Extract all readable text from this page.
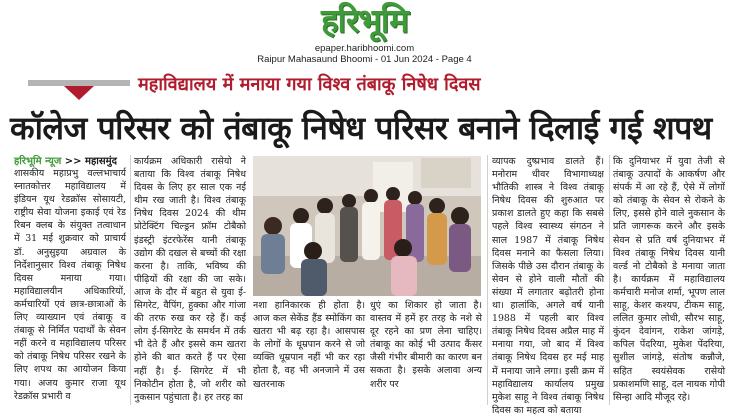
हरिभूमि
epaper.haribhoomi.com
Raipur Mahasaund Bhoomi - 01 Jun 2024 - Page 4
महाविद्यालय में मनाया गया विश्व तंबाकू निषेध दिवस
कॉलेज परिसर को तंबाकू निषेध परिसर बनाने दिलाई गई शपथ
हरिभूमि न्यूज >> महासमुंद
शासकीय महाप्रभु वल्लभाचार्य स्नातकोत्तर महाविद्यालय में इंडियन यूथ रेडक्रॉस सोसायटी, राष्ट्रीय सेवा योजना इकाई एवं रेड रिबन क्लब के संयुक्त तत्वाधान में 31 मई शुक्रवार को प्राचार्य डॉ. अनुसुइया अग्रवाल के निर्देशानुसार विश्व तंबाकू निषेध दिवस मनाया गया। महाविद्यालयीन अधिकारियों, कर्मचारियों एवं छात्र-छात्राओं के लिए व्याख्यान एवं तंबाकू व तंबाकू से निर्मित पदार्थों के सेवन नहीं करने व महाविद्यालय परिसर को तंबाकू निषेध परिसर रखने के लिए शपथ का आयोजन किया गया। अजय कुमार राजा यूथ रेडक्रॉस प्रभारी व
कार्यक्रम अधिकारी रासेयो ने बताया कि विश्व तंबाकू निषेध दिवस के लिए हर साल एक नई थीम रख जाती है। विश्व तंबाकू निषेध दिवस 2024 की थीम प्रोटेक्टिंग चिल्ड्रन फ्रॉम टोबैको इंडस्ट्री इंटरफेरेंस यानी तंबाकू उद्योग की दखल से बच्चों की रक्षा करना है। ताकि, भविष्य की पीढ़ियों की रक्षा की जा सके। आज के दौर में बहुत से युवा ई-सिगरेट, वैपिंग, हुक्का और गांजा की तरफ रुख कर रहे हैं। कई लोग ई-सिगरेट के समर्थन में तर्क भी देते हैं और इससे कम खतरा होने की बात करते हैं पर ऐसा नहीं है। ई- सिगरेट में भी निकोटीन होता है, जो शरीर को नुकसान पहुंचाता है। हर तरह का
नशा हानिकारक ही होता है। आज कल सेकेंड हैंड स्मोकिंग का खतरा भी बढ़ रहा है। आसपास के लोगों के धूम्रपान करने से जो व्यक्ति धूम्रपान नहीं भी कर रहा होता है, वह भी अनजाने में उस खतरनाक
धुएं का शिकार हो जाता है। वास्तव में हमें हर तरह के नशे से दूर रहने का प्रण लेना चाहिए। तंबाकू का कोई भी उत्पाद कैंसर जैसी गंभीर बीमारी का कारण बन सकता है। इसके अलावा अन्य शरीर पर
व्यापक दुष्प्रभाव डालते हैं। मनोराम धीवर विभागाध्यक्ष भौतिकी शास्त्र ने विश्व तंबाकू निषेध दिवस की शुरुआत पर प्रकाश डालते हुए कहा कि सबसे पहले विश्व स्वास्थ्य संगठन ने साल 1987 में तंबाकू निषेध दिवस मनाने का फैसला लिया। जिसके पीछे उस दौरान तंबाकू के सेवन से होने वाली मौतों की संख्या में लगातार बढ़ोतरी होना था। हालांकि, अगले वर्ष यानी 1988 में पहली बार विश्व तंबाकू निषेध दिवस अप्रैल माह में मनाया गया, जो बाद में विश्व तंबाकू निषेध दिवस हर मई माह में मनाया जाने लगा। इसी क्रम में महाविद्यालय कार्यालय प्रमुख मुकेश साहू ने विश्व तंबाकू निषेध दिवस का महत्व को बताया
कि दुनियाभर में युवा तेजी से तंबाकू उत्पादों के आकर्षण और संपर्क में आ रहे हैं, ऐसे में लोगों को तंबाकू के सेवन से रोकने के लिए, इससे होने वाले नुकसान के प्रति जागरूक करने और इसके सेवन से प्रति वर्ष दुनियाभर में विश्व तंबाकू निषेध दिवस यानी वर्ल्ड नो टोबैको डे मनाया जाता है। कार्यक्रम में महाविद्यालय कर्मचारी मनोज शर्मा, भूपण लाल साहू, केशर कश्यप, टीकम साहू, ललित कुमार लोधी, सौरभ साहू, कुंदन देवांगन, राकेश जांगड़े, कपिल पेंदरिया, मुकेश पेंदरिया, सुशील जांगड़े, संतोष कन्नौजे, सहित स्वयंसेवक रासेयो प्रकाशमणि साहू, दल नायक गोपी सिन्हा आदि मौजूद रहे।
